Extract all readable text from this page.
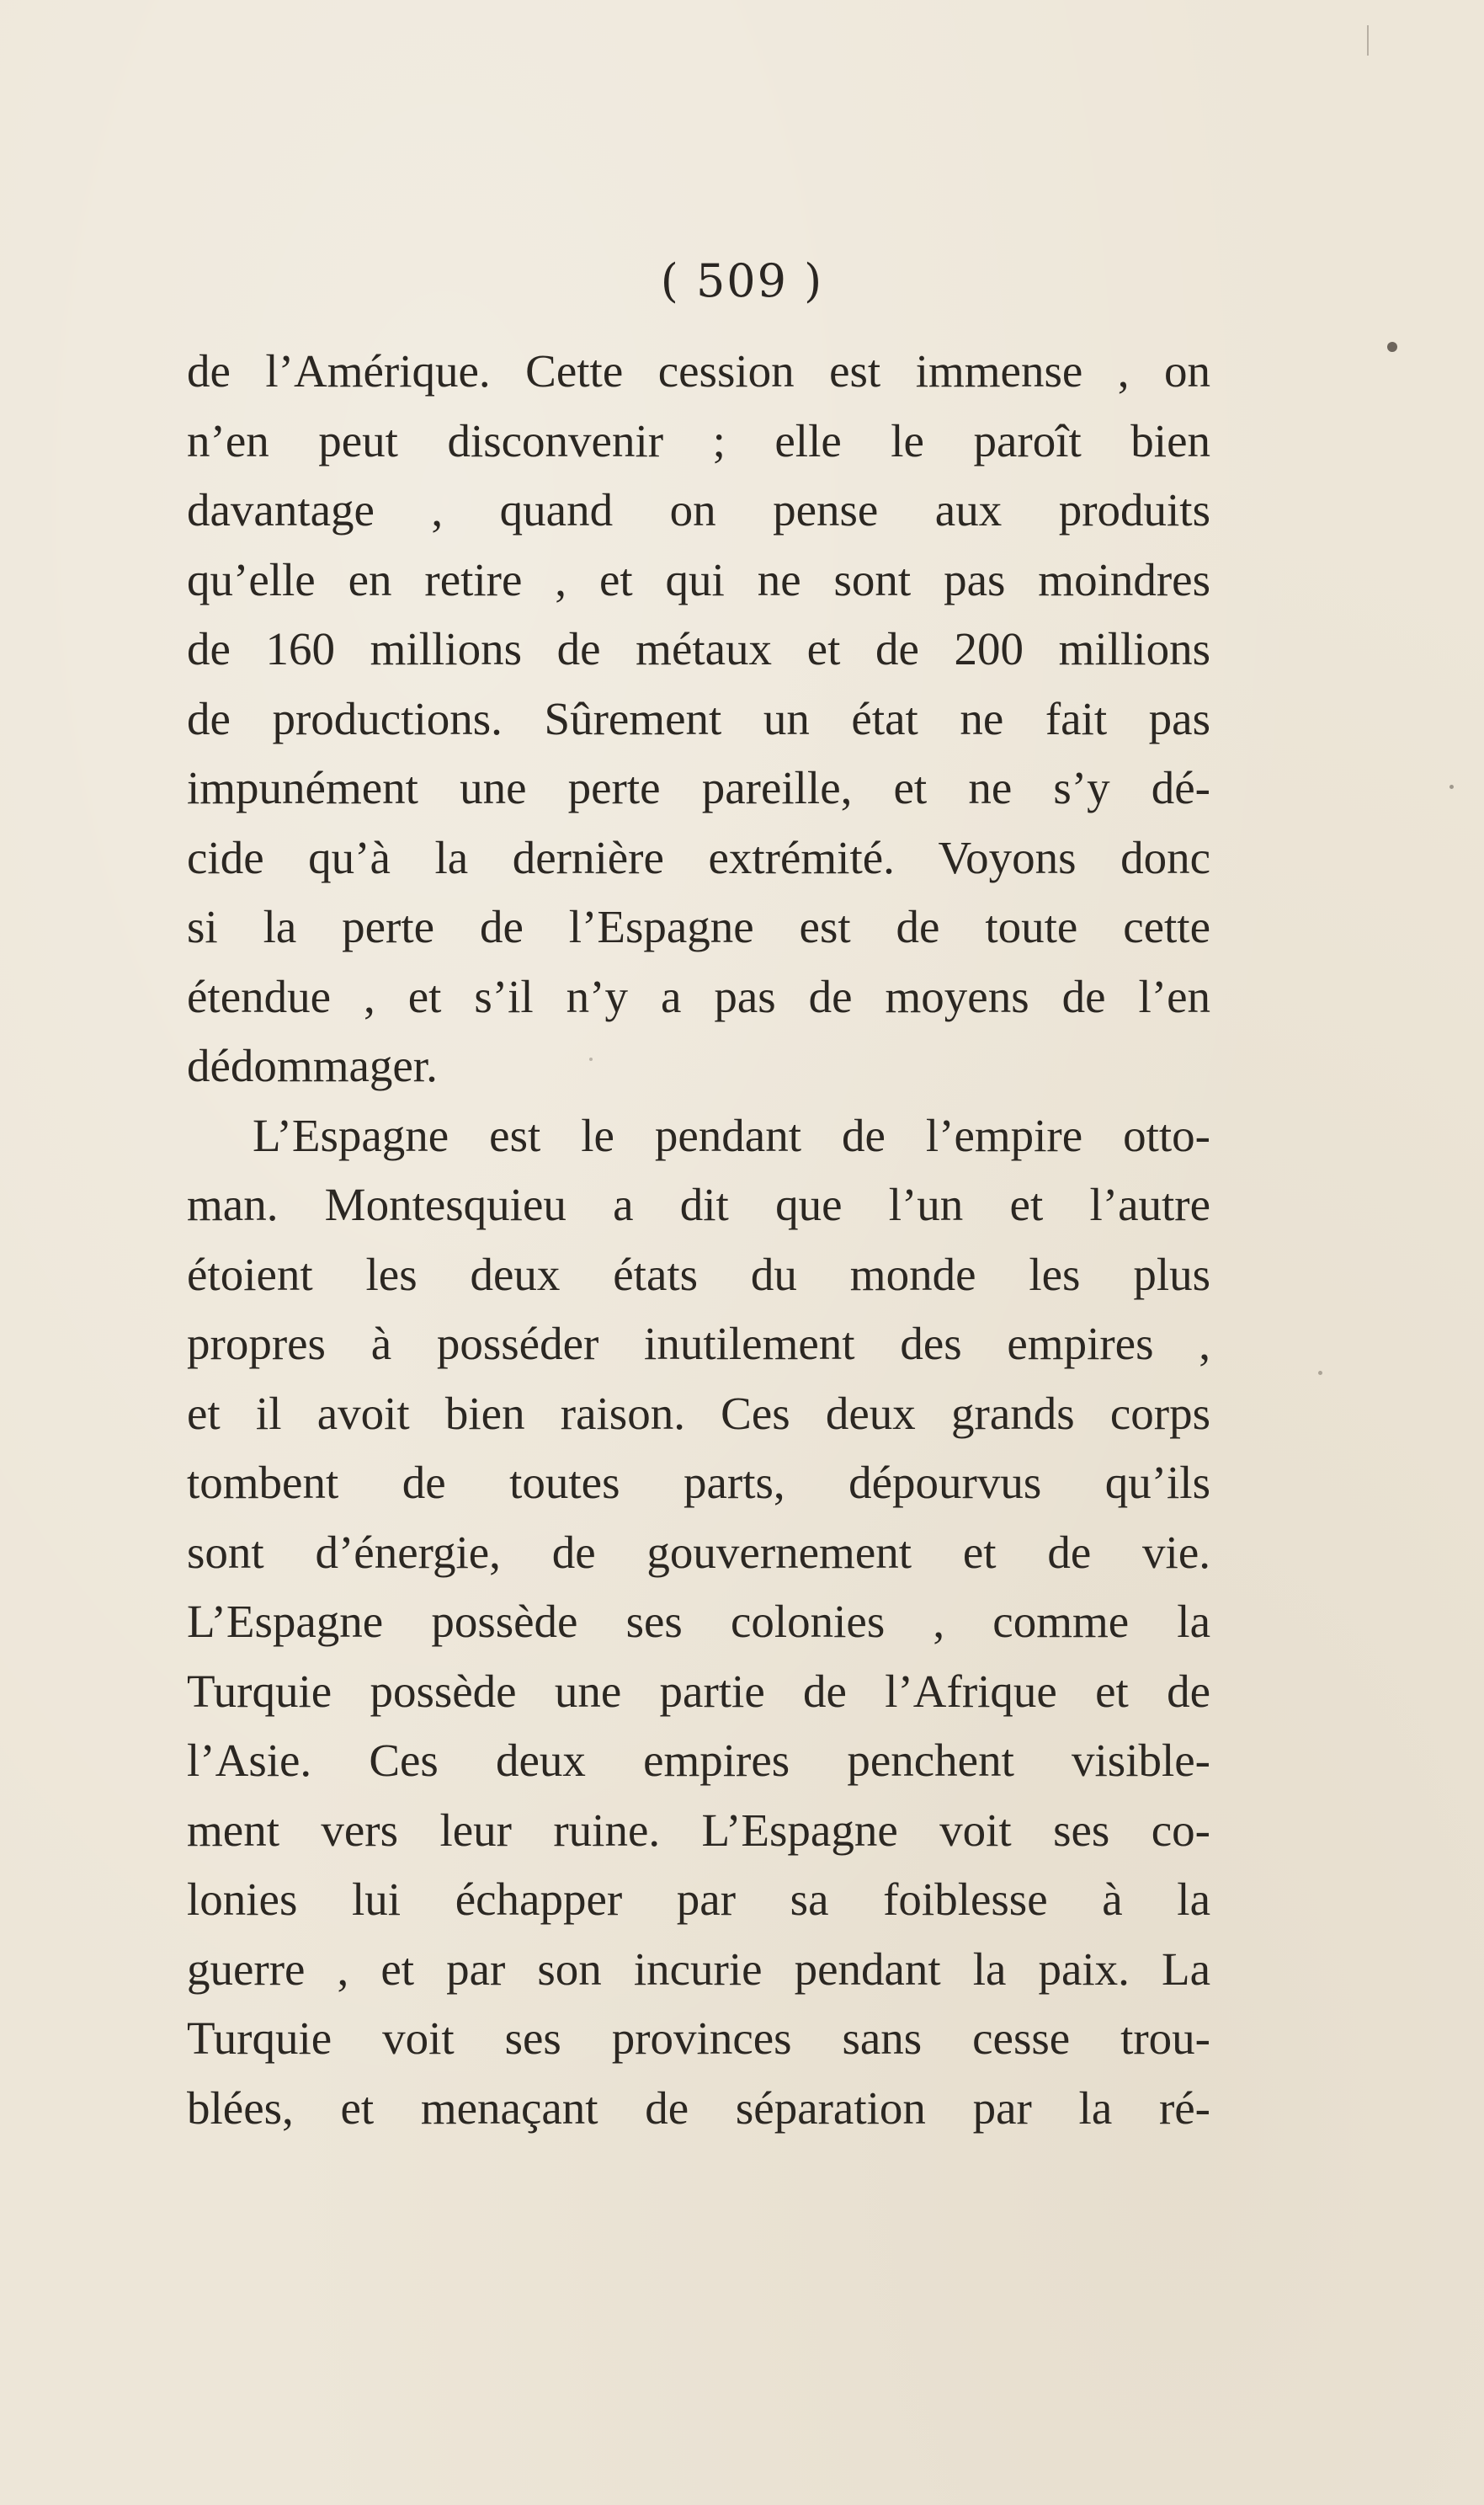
( 509 )
de l’Amérique. Cette cession est immense , on
n’en peut disconvenir ; elle le paroît bien
davantage , quand on pense aux produits
qu’elle en retire , et qui ne sont pas moindres
de 160 millions de métaux et de 200 millions
de productions. Sûrement un état ne fait pas
impunément une perte pareille, et ne s’y dé-
cide qu’à la dernière extrémité. Voyons donc
si la perte de l’Espagne est de toute cette
étendue , et s’il n’y a pas de moyens de l’en
dédommager.
L’Espagne est le pendant de l’empire otto-
man. Montesquieu a dit que l’un et l’autre
étoient les deux états du monde les plus
propres à posséder inutilement des empires ,
et il avoit bien raison. Ces deux grands corps
tombent de toutes parts, dépourvus qu’ils
sont d’énergie, de gouvernement et de vie.
L’Espagne possède ses colonies , comme la
Turquie possède une partie de l’Afrique et de
l’Asie. Ces deux empires penchent visible-
ment vers leur ruine. L’Espagne voit ses co-
lonies lui échapper par sa foiblesse à la
guerre , et par son incurie pendant la paix. La
Turquie voit ses provinces sans cesse trou-
blées, et menaçant de séparation par la ré-
